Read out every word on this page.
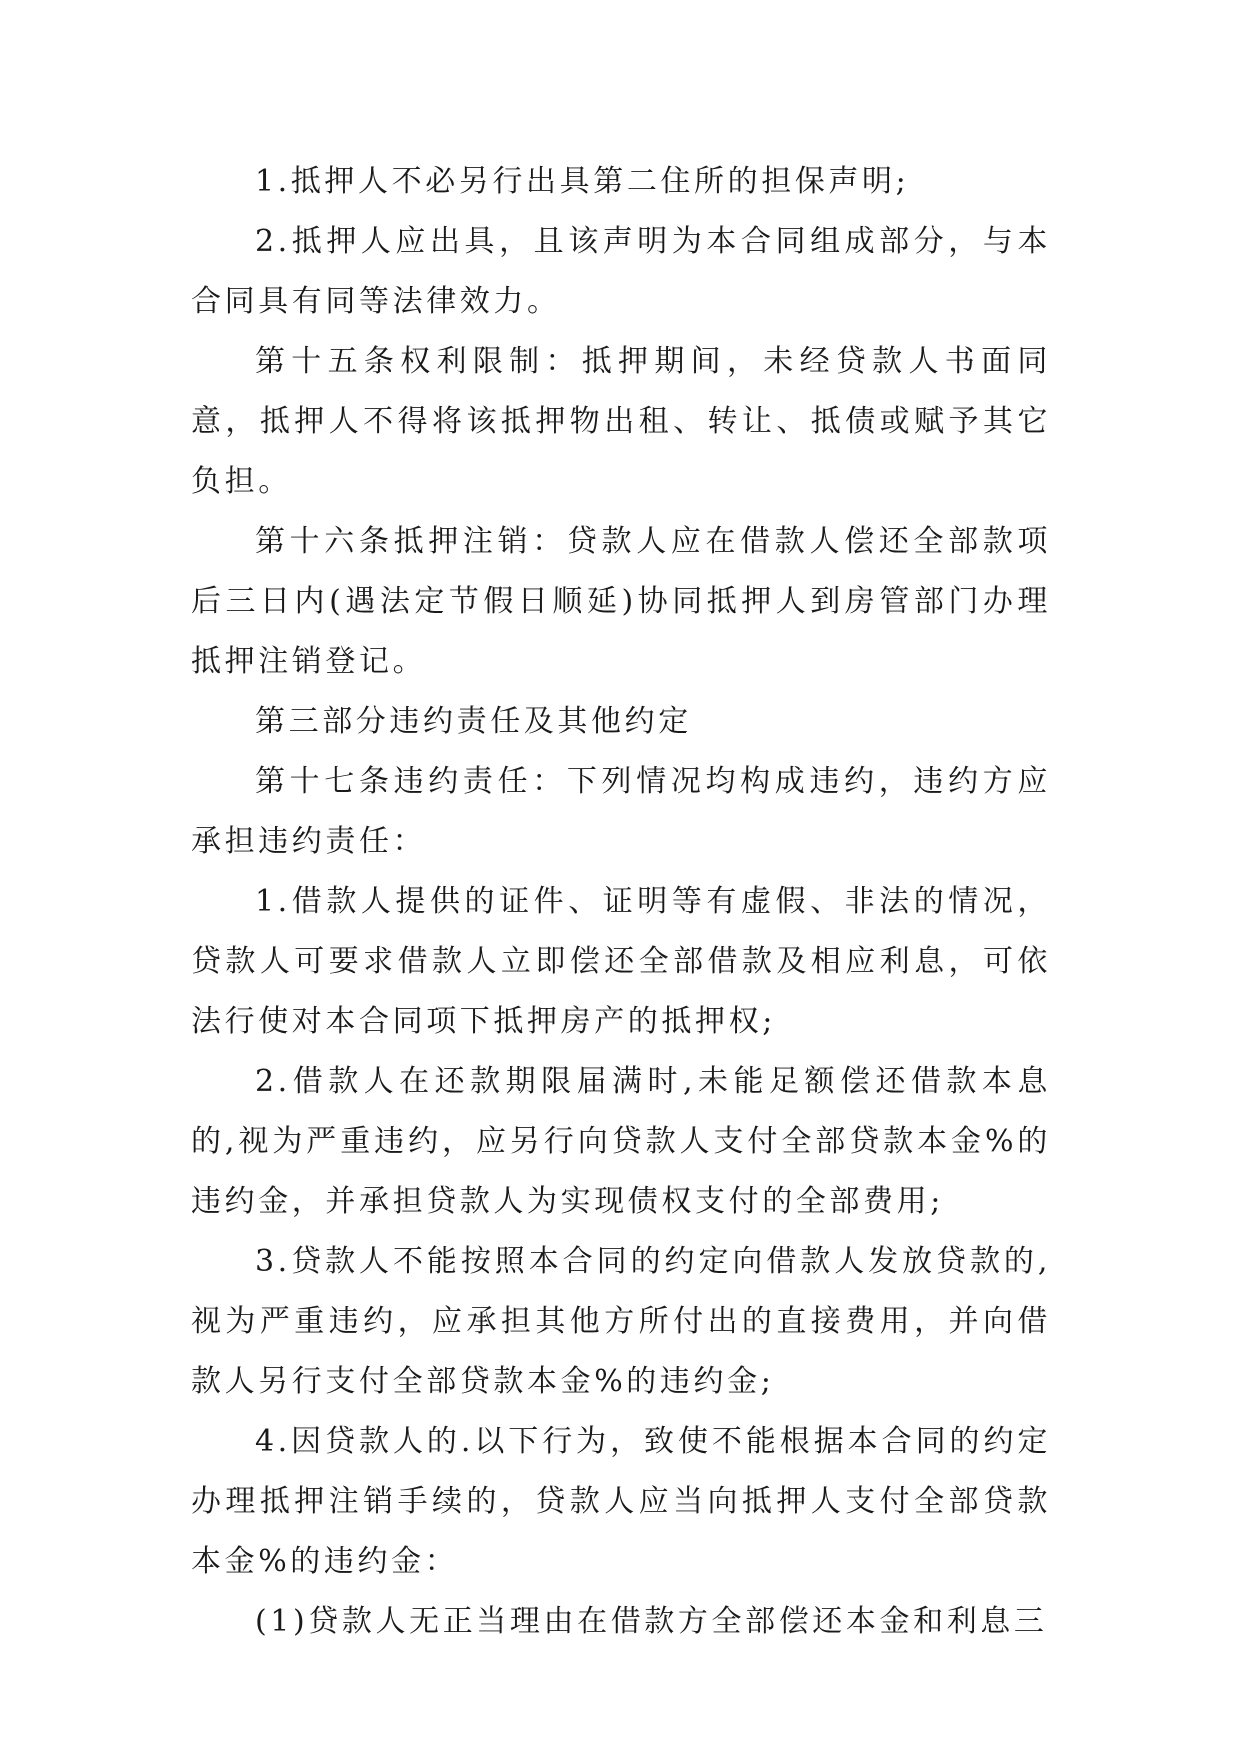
1.抵押人不必另行出具第二住所的担保声明;

2.抵押人应出具，且该声明为本合同组成部分，与本合同具有同等法律效力。

第十五条权利限制：抵押期间，未经贷款人书面同意，抵押人不得将该抵押物出租、转让、抵债或赋予其它负担。

第十六条抵押注销：贷款人应在借款人偿还全部款项后三日内(遇法定节假日顺延)协同抵押人到房管部门办理抵押注销登记。

第三部分违约责任及其他约定

第十七条违约责任：下列情况均构成违约，违约方应承担违约责任：

1.借款人提供的证件、证明等有虚假、非法的情况，贷款人可要求借款人立即偿还全部借款及相应利息，可依法行使对本合同项下抵押房产的抵押权;

2.借款人在还款期限届满时,未能足额偿还借款本息的,视为严重违约，应另行向贷款人支付全部贷款本金%的违约金，并承担贷款人为实现债权支付的全部费用;

3.贷款人不能按照本合同的约定向借款人发放贷款的,视为严重违约，应承担其他方所付出的直接费用，并向借款人另行支付全部贷款本金%的违约金;

4.因贷款人的.以下行为，致使不能根据本合同的约定办理抵押注销手续的，贷款人应当向抵押人支付全部贷款本金%的违约金：

(1)贷款人无正当理由在借款方全部偿还本金和利息三
